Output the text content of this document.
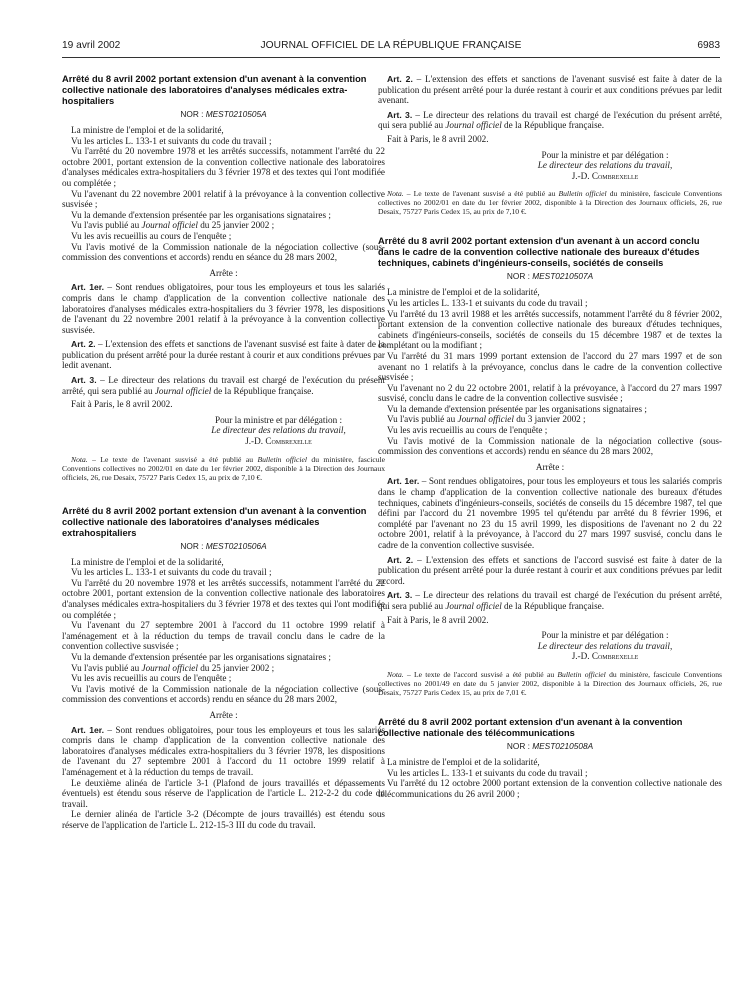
19 avril 2002	JOURNAL OFFICIEL DE LA RÉPUBLIQUE FRANÇAISE	6983

Arrêté du 8 avril 2002 portant extension d'un avenant à la convention collective nationale des laboratoires d'analyses médicales extra-hospitaliers

NOR : MEST0210505A

La ministre de l'emploi et de la solidarité,

Vu les articles L. 133-1 et suivants du code du travail ;

Vu l'arrêté du 20 novembre 1978 et les arrêtés successifs, notamment l'arrêté du 22 octobre 2001, portant extension de la convention collective nationale des laboratoires d'analyses médicales extra-hospitaliers du 3 février 1978 et des textes qui l'ont modifiée ou complétée ;

Vu l'avenant du 22 novembre 2001 relatif à la prévoyance à la convention collective susvisée ;

Vu la demande d'extension présentée par les organisations signataires ;

Vu l'avis publié au Journal officiel du 25 janvier 2002 ;

Vu les avis recueillis au cours de l'enquête ;

Vu l'avis motivé de la Commission nationale de la négociation collective (sous-commission des conventions et accords) rendu en séance du 28 mars 2002,

Arrête :

Art. 1er. – Sont rendues obligatoires, pour tous les employeurs et tous les salariés compris dans le champ d'application de la convention collective nationale des laboratoires d'analyses médicales extra-hospitaliers du 3 février 1978, les dispositions de l'avenant du 22 novembre 2001 relatif à la prévoyance à la convention collective susvisée.

Art. 2. – L'extension des effets et sanctions de l'avenant susvisé est faite à dater de la publication du présent arrêté pour la durée restant à courir et aux conditions prévues par ledit avenant.

Art. 3. – Le directeur des relations du travail est chargé de l'exécution du présent arrêté, qui sera publié au Journal officiel de la République française.

Fait à Paris, le 8 avril 2002.

Pour la ministre et par délégation :

Le directeur des relations du travail,

J.-D. Combrexelle

Nota. – Le texte de l'avenant susvisé a été publié au Bulletin officiel du ministère, fascicule Conventions collectives no 2002/01 en date du 1er février 2002, disponible à la Direction des Journaux officiels, 26, rue Desaix, 75727 Paris Cedex 15, au prix de 7,10 €.

Arrêté du 8 avril 2002 portant extension d'un avenant à la convention collective nationale des laboratoires d'analyses médicales extrahospitaliers

NOR : MEST0210506A

La ministre de l'emploi et de la solidarité,

Vu les articles L. 133-1 et suivants du code du travail ;

Vu l'arrêté du 20 novembre 1978 et les arrêtés successifs, notamment l'arrêté du 22 octobre 2001, portant extension de la convention collective nationale des laboratoires d'analyses médicales extra-hospitaliers du 3 février 1978 et des textes qui l'ont modifiée ou complétée ;

Vu l'avenant du 27 septembre 2001 à l'accord du 11 octobre 1999 relatif à l'aménagement et à la réduction du temps de travail conclu dans le cadre de la convention collective susvisée ;

Vu la demande d'extension présentée par les organisations signataires ;

Vu l'avis publié au Journal officiel du 25 janvier 2002 ;

Vu les avis recueillis au cours de l'enquête ;

Vu l'avis motivé de la Commission nationale de la négociation collective (sous-commission des conventions et accords) rendu en séance du 28 mars 2002,

Arrête :

Art. 1er. – Sont rendues obligatoires, pour tous les employeurs et tous les salariés compris dans le champ d'application de la convention collective nationale des laboratoires d'analyses médicales extra-hospitaliers du 3 février 1978, les dispositions de l'avenant du 27 septembre 2001 à l'accord du 11 octobre 1999 relatif à l'aménagement et à la réduction du temps de travail.

Le deuxième alinéa de l'article 3-1 (Plafond de jours travaillés et dépassements éventuels) est étendu sous réserve de l'application de l'article L. 212-2-2 du code du travail.

Le dernier alinéa de l'article 3-2 (Décompte de jours travaillés) est étendu sous réserve de l'application de l'article L. 212-15-3 III du code du travail.

Art. 2. – L'extension des effets et sanctions de l'avenant susvisé est faite à dater de la publication du présent arrêté pour la durée restant à courir et aux conditions prévues par ledit avenant.

Art. 3. – Le directeur des relations du travail est chargé de l'exécution du présent arrêté, qui sera publié au Journal officiel de la République française.

Fait à Paris, le 8 avril 2002.

Pour la ministre et par délégation :

Le directeur des relations du travail,

J.-D. Combrexelle

Nota. – Le texte de l'avenant susvisé a été publié au Bulletin officiel du ministère, fascicule Conventions collectives no 2002/01 en date du 1er février 2002, disponible à la Direction des Journaux officiels, 26, rue Desaix, 75727 Paris Cedex 15, au prix de 7,10 €.

Arrêté du 8 avril 2002 portant extension d'un avenant à un accord conclu dans le cadre de la convention collective nationale des bureaux d'études techniques, cabinets d'ingénieurs-conseils, sociétés de conseils

NOR : MEST0210507A

La ministre de l'emploi et de la solidarité,

Vu les articles L. 133-1 et suivants du code du travail ;

Vu l'arrêté du 13 avril 1988 et les arrêtés successifs, notamment l'arrêté du 8 février 2002, portant extension de la convention collective nationale des bureaux d'études techniques, cabinets d'ingénieurs-conseils, sociétés de conseils du 15 décembre 1987 et de textes la complétant ou la modifiant ;

Vu l'arrêté du 31 mars 1999 portant extension de l'accord du 27 mars 1997 et de son avenant no 1 relatifs à la prévoyance, conclus dans le cadre de la convention collective susvisée ;

Vu l'avenant no 2 du 22 octobre 2001, relatif à la prévoyance, à l'accord du 27 mars 1997 susvisé, conclu dans le cadre de la convention collective susvisée ;

Vu la demande d'extension présentée par les organisations signataires ;

Vu l'avis publié au Journal officiel du 3 janvier 2002 ;

Vu les avis recueillis au cours de l'enquête ;

Vu l'avis motivé de la Commission nationale de la négociation collective (sous-commission des conventions et accords) rendu en séance du 28 mars 2002,

Arrête :

Art. 1er. – Sont rendues obligatoires, pour tous les employeurs et tous les salariés compris dans le champ d'application de la convention collective nationale des bureaux d'études techniques, cabinets d'ingénieurs-conseils, sociétés de conseils du 15 décembre 1987, tel que défini par l'accord du 21 novembre 1995 tel qu'étendu par arrêté du 8 février 1996, et complété par l'avenant no 23 du 15 avril 1999, les dispositions de l'avenant no 2 du 22 octobre 2001, relatif à la prévoyance, à l'accord du 27 mars 1997 susvisé, conclu dans le cadre de la convention collective susvisée.

Art. 2. – L'extension des effets et sanctions de l'accord susvisé est faite à dater de la publication du présent arrêté pour la durée restant à courir et aux conditions prévues par ledit accord.

Art. 3. – Le directeur des relations du travail est chargé de l'exécution du présent arrêté, qui sera publié au Journal officiel de la République française.

Fait à Paris, le 8 avril 2002.

Pour la ministre et par délégation :

Le directeur des relations du travail,

J.-D. Combrexelle

Nota. – Le texte de l'accord susvisé a été publié au Bulletin officiel du ministère, fascicule Conventions collectives no 2001/49 en date du 5 janvier 2002, disponible à la Direction des Journaux officiels, 26, rue Desaix, 75727 Paris Cedex 15, au prix de 7,01 €.

Arrêté du 8 avril 2002 portant extension d'un avenant à la convention collective nationale des télécommunications

NOR : MEST0210508A

La ministre de l'emploi et de la solidarité,

Vu les articles L. 133-1 et suivants du code du travail ;

Vu l'arrêté du 12 octobre 2000 portant extension de la convention collective nationale des télécommunications du 26 avril 2000 ;
